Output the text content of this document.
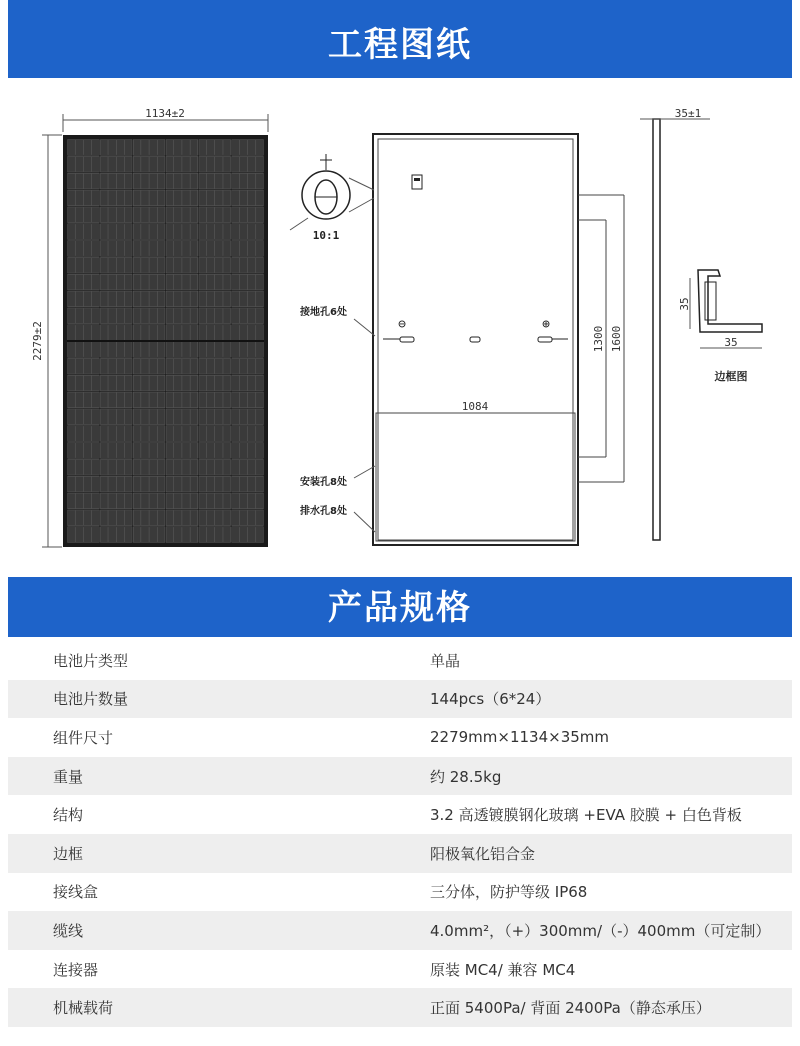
工程图纸
1134±2
2279±2	⊖	⊕
1084
1300 1600
10:1
接地孔6处
安装孔8处
排水孔8处
35±1
35
35
边框图
产品规格
电池片类型	单晶
电池片数量	144pcs（6*24）
组件尺寸	2279mm×1134×35mm
重量	约 28.5kg
结构	3.2 高透镀膜钢化玻璃 +EVA 胶膜 + 白色背板
边框	阳极氧化铝合金
接线盒	三分体，防护等级 IP68
缆线	4.0mm²，（+）300mm/（-）400mm（可定制）
连接器	原装 MC4/ 兼容 MC4
机械载荷	正面 5400Pa/ 背面 2400Pa（静态承压）
